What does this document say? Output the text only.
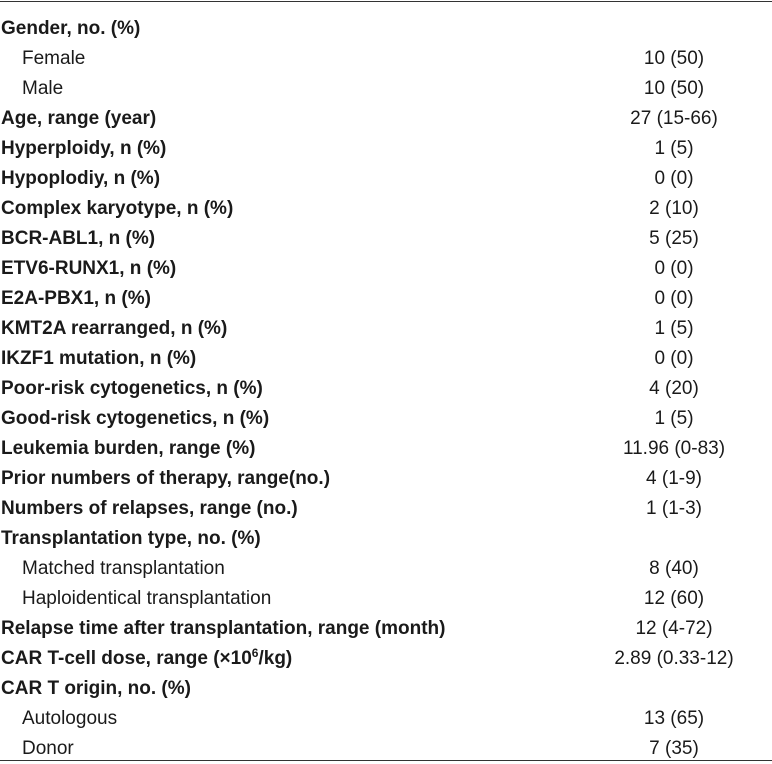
Gender, no. (%)
Female	10 (50)
Male	10 (50)
Age, range (year)	27 (15-66)
Hyperploidy, n (%)	1 (5)
Hypoplodiy, n (%)	0 (0)
Complex karyotype, n (%)	2 (10)
BCR-ABL1, n (%)	5 (25)
ETV6-RUNX1, n (%)	0 (0)
E2A-PBX1, n (%)	0 (0)
KMT2A rearranged, n (%)	1 (5)
IKZF1 mutation, n (%)	0 (0)
Poor-risk cytogenetics, n (%)	4 (20)
Good-risk cytogenetics, n (%)	1 (5)
Leukemia burden, range (%)	11.96 (0-83)
Prior numbers of therapy, range(no.)	4 (1-9)
Numbers of relapses, range (no.)	1 (1-3)
Transplantation type, no. (%)
Matched transplantation	8 (40)
Haploidentical transplantation	12 (60)
Relapse time after transplantation, range (month)	12 (4-72)
CAR T-cell dose, range $(\times 10^6/kg)$	2.89 (0.33-12)
CAR T origin, no. (%)
Autologous	13 (65)
Donor	7 (35)
